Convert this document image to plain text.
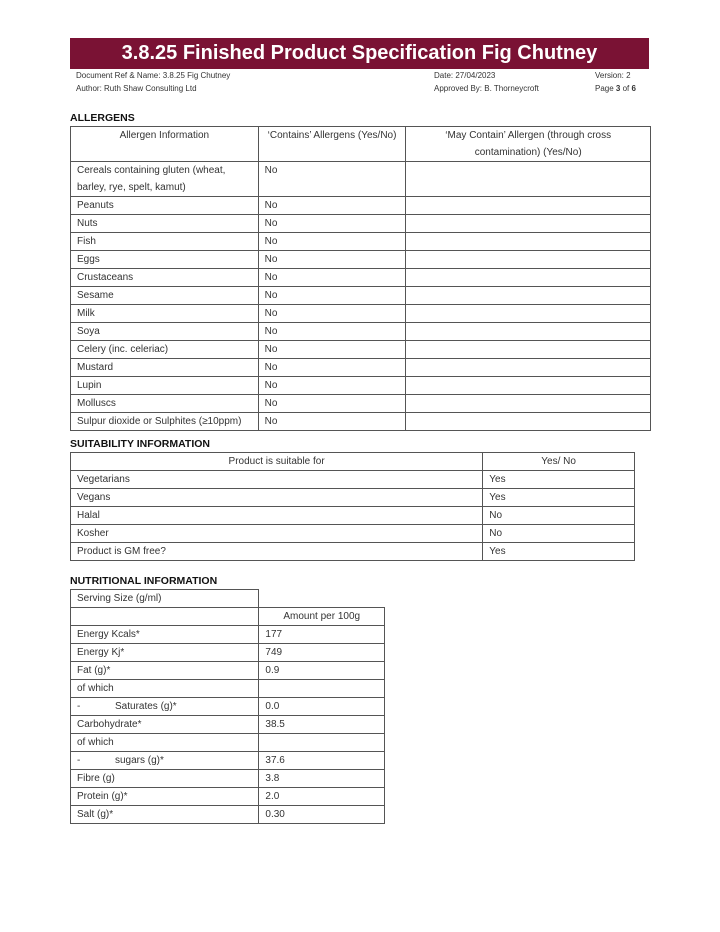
3.8.25 Finished Product Specification Fig Chutney
Document Ref & Name: 3.8.25 Fig Chutney	Date: 27/04/2023	Version: 2
Author: Ruth Shaw Consulting Ltd	Approved By: B. Thorneycroft	Page 3 of 6
ALLERGENS
Allergen Information	‘Contains’ Allergens (Yes/No)	‘May Contain’ Allergen (through cross
contamination) (Yes/No)
Cereals containing gluten (wheat,
barley, rye, spelt, kamut)	No	
Peanuts	No	
Nuts	No	
Fish	No	
Eggs	No	
Crustaceans	No	
Sesame	No	
Milk	No	
Soya	No	
Celery (inc. celeriac)	No	
Mustard	No	
Lupin	No	
Molluscs	No	
Sulpur dioxide or Sulphites (≥10ppm)	No	
SUITABILITY INFORMATION
Product is suitable for	Yes/ No
Vegetarians	Yes
Vegans	Yes
Halal	No
Kosher	No
Product is GM free?	Yes
NUTRITIONAL INFORMATION
Serving Size (g/ml)	
	Amount per 100g
Energy Kcals*	177
Energy Kj*	749
Fat (g)*	0.9
of which	
- Saturates (g)*	0.0
Carbohydrate*	38.5
of which	
- sugars (g)*	37.6
Fibre (g)	3.8
Protein (g)*	2.0
Salt (g)*	0.30
